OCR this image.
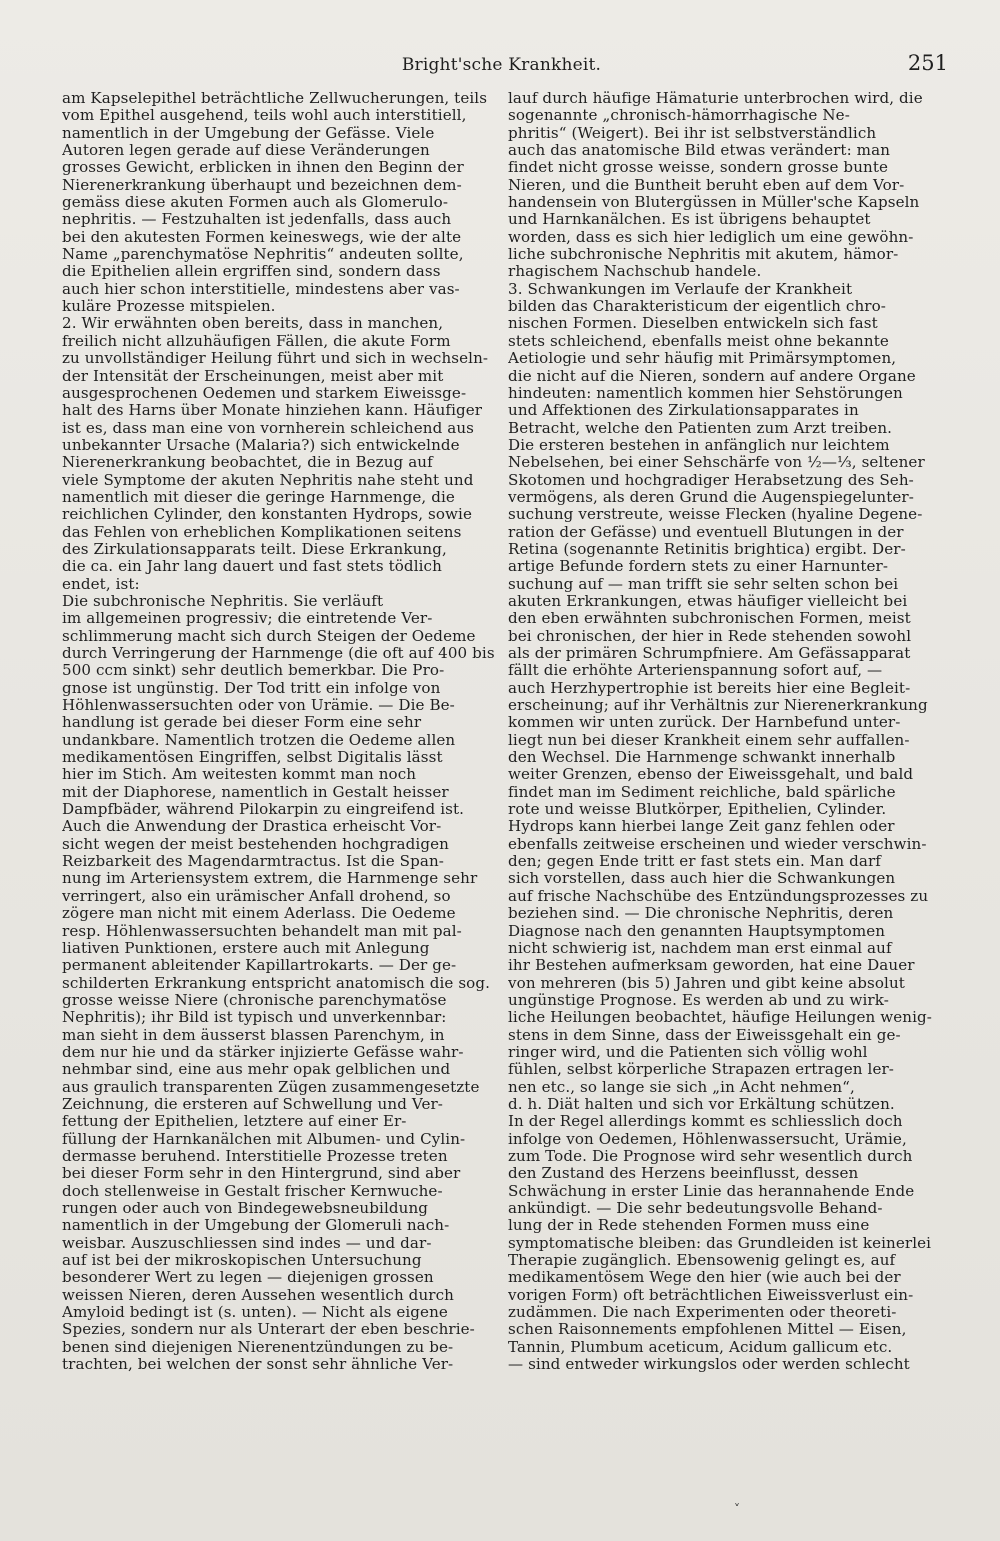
Bright'sche Krankheit.	251
am Kapselepithel beträchtliche Zellwucherungen, teils
vom Epithel ausgehend, teils wohl auch interstitiell,
namentlich in der Umgebung der Gefässe. Viele
Autoren legen gerade auf diese Veränderungen
grosses Gewicht, erblicken in ihnen den Beginn der
Nierenerkrankung überhaupt und bezeichnen dem-
gemäss diese akuten Formen auch als Glomerulo-
nephritis. — Festzuhalten ist jedenfalls, dass auch
bei den akutesten Formen keineswegs, wie der alte
Name „parenchymatöse Nephritis“ andeuten sollte,
die Epithelien allein ergriffen sind, sondern dass
auch hier schon interstitielle, mindestens aber vas-
kuläre Prozesse mitspielen.
2. Wir erwähnten oben bereits, dass in manchen,
freilich nicht allzuhäufigen Fällen, die akute Form
zu unvollständiger Heilung führt und sich in wechseln-
der Intensität der Erscheinungen, meist aber mit
ausgesprochenen Oedemen und starkem Eiweissge-
halt des Harns über Monate hinziehen kann. Häufiger
ist es, dass man eine von vornherein schleichend aus
unbekannter Ursache (Malaria?) sich entwickelnde
Nierenerkrankung beobachtet, die in Bezug auf
viele Symptome der akuten Nephritis nahe steht und
namentlich mit dieser die geringe Harnmenge, die
reichlichen Cylinder, den konstanten Hydrops, sowie
das Fehlen von erheblichen Komplikationen seitens
des Zirkulationsapparats teilt. Diese Erkrankung,
die ca. ein Jahr lang dauert und fast stets tödlich
endet, ist:
Die subchronische Nephritis. Sie verläuft
im allgemeinen progressiv; die eintretende Ver-
schlimmerung macht sich durch Steigen der Oedeme
durch Verringerung der Harnmenge (die oft auf 400 bis
500 ccm sinkt) sehr deutlich bemerkbar. Die Pro-
gnose ist ungünstig. Der Tod tritt ein infolge von
Höhlenwassersuchten oder von Urämie. — Die Be-
handlung ist gerade bei dieser Form eine sehr
undankbare. Namentlich trotzen die Oedeme allen
medikamentösen Eingriffen, selbst Digitalis lässt
hier im Stich. Am weitesten kommt man noch
mit der Diaphorese, namentlich in Gestalt heisser
Dampfbäder, während Pilokarpin zu eingreifend ist.
Auch die Anwendung der Drastica erheischt Vor-
sicht wegen der meist bestehenden hochgradigen
Reizbarkeit des Magendarmtractus. Ist die Span-
nung im Arteriensystem extrem, die Harnmenge sehr
verringert, also ein urämischer Anfall drohend, so
zögere man nicht mit einem Aderlass. Die Oedeme
resp. Höhlenwassersuchten behandelt man mit pal-
liativen Punktionen, erstere auch mit Anlegung
permanent ableitender Kapillartrokarts. — Der ge-
schilderten Erkrankung entspricht anatomisch die sog.
grosse weisse Niere (chronische parenchymatöse
Nephritis); ihr Bild ist typisch und unverkennbar:
man sieht in dem äusserst blassen Parenchym, in
dem nur hie und da stärker injizierte Gefässe wahr-
nehmbar sind, eine aus mehr opak gelblichen und
aus graulich transparenten Zügen zusammengesetzte
Zeichnung, die ersteren auf Schwellung und Ver-
fettung der Epithelien, letztere auf einer Er-
füllung der Harnkanälchen mit Albumen- und Cylin-
dermasse beruhend. Interstitielle Prozesse treten
bei dieser Form sehr in den Hintergrund, sind aber
doch stellenweise in Gestalt frischer Kernwuche-
rungen oder auch von Bindegewebsneubildung
namentlich in der Umgebung der Glomeruli nach-
weisbar. Auszuschliessen sind indes — und dar-
auf ist bei der mikroskopischen Untersuchung
besonderer Wert zu legen — diejenigen grossen
weissen Nieren, deren Aussehen wesentlich durch
Amyloid bedingt ist (s. unten). — Nicht als eigene
Spezies, sondern nur als Unterart der eben beschrie-
benen sind diejenigen Nierenentzündungen zu be-
trachten, bei welchen der sonst sehr ähnliche Ver-
lauf durch häufige Hämaturie unterbrochen wird, die
sogenannte „chronisch-hämorrhagische Ne-
phritis“ (Weigert). Bei ihr ist selbstverständlich
auch das anatomische Bild etwas verändert: man
findet nicht grosse weisse, sondern grosse bunte
Nieren, und die Buntheit beruht eben auf dem Vor-
handensein von Blutergüssen in Müller'sche Kapseln
und Harnkanälchen. Es ist übrigens behauptet
worden, dass es sich hier lediglich um eine gewöhn-
liche subchronische Nephritis mit akutem, hämor-
rhagischem Nachschub handele.
3. Schwankungen im Verlaufe der Krankheit
bilden das Charakteristicum der eigentlich chro-
nischen Formen. Dieselben entwickeln sich fast
stets schleichend, ebenfalls meist ohne bekannte
Aetiologie und sehr häufig mit Primärsymptomen,
die nicht auf die Nieren, sondern auf andere Organe
hindeuten: namentlich kommen hier Sehstörungen
und Affektionen des Zirkulationsapparates in
Betracht, welche den Patienten zum Arzt treiben.
Die ersteren bestehen in anfänglich nur leichtem
Nebelsehen, bei einer Sehschärfe von ½—⅓, seltener
Skotomen und hochgradiger Herabsetzung des Seh-
vermögens, als deren Grund die Augenspiegelunter-
suchung verstreute, weisse Flecken (hyaline Degene-
ration der Gefässe) und eventuell Blutungen in der
Retina (sogenannte Retinitis brightica) ergibt. Der-
artige Befunde fordern stets zu einer Harnunter-
suchung auf — man trifft sie sehr selten schon bei
akuten Erkrankungen, etwas häufiger vielleicht bei
den eben erwähnten subchronischen Formen, meist
bei chronischen, der hier in Rede stehenden sowohl
als der primären Schrumpfniere. Am Gefässapparat
fällt die erhöhte Arterienspannung sofort auf, —
auch Herzhypertrophie ist bereits hier eine Begleit-
erscheinung; auf ihr Verhältnis zur Nierenerkrankung
kommen wir unten zurück. Der Harnbefund unter-
liegt nun bei dieser Krankheit einem sehr auffallen-
den Wechsel. Die Harnmenge schwankt innerhalb
weiter Grenzen, ebenso der Eiweissgehalt, und bald
findet man im Sediment reichliche, bald spärliche
rote und weisse Blutkörper, Epithelien, Cylinder.
Hydrops kann hierbei lange Zeit ganz fehlen oder
ebenfalls zeitweise erscheinen und wieder verschwin-
den; gegen Ende tritt er fast stets ein. Man darf
sich vorstellen, dass auch hier die Schwankungen
auf frische Nachschübe des Entzündungsprozesses zu
beziehen sind. — Die chronische Nephritis, deren
Diagnose nach den genannten Hauptsymptomen
nicht schwierig ist, nachdem man erst einmal auf
ihr Bestehen aufmerksam geworden, hat eine Dauer
von mehreren (bis 5) Jahren und gibt keine absolut
ungünstige Prognose. Es werden ab und zu wirk-
liche Heilungen beobachtet, häufige Heilungen wenig-
stens in dem Sinne, dass der Eiweissgehalt ein ge-
ringer wird, und die Patienten sich völlig wohl
fühlen, selbst körperliche Strapazen ertragen ler-
nen etc., so lange sie sich „in Acht nehmen“,
d. h. Diät halten und sich vor Erkältung schützen.
In der Regel allerdings kommt es schliesslich doch
infolge von Oedemen, Höhlenwassersucht, Urämie,
zum Tode. Die Prognose wird sehr wesentlich durch
den Zustand des Herzens beeinflusst, dessen
Schwächung in erster Linie das herannahende Ende
ankündigt. — Die sehr bedeutungsvolle Behand-
lung der in Rede stehenden Formen muss eine
symptomatische bleiben: das Grundleiden ist keinerlei
Therapie zugänglich. Ebensowenig gelingt es, auf
medikamentösem Wege den hier (wie auch bei der
vorigen Form) oft beträchtlichen Eiweissverlust ein-
zudämmen. Die nach Experimenten oder theoreti-
schen Raisonnements empfohlenen Mittel — Eisen,
Tannin, Plumbum aceticum, Acidum gallicum etc.
— sind entweder wirkungslos oder werden schlecht
˅
